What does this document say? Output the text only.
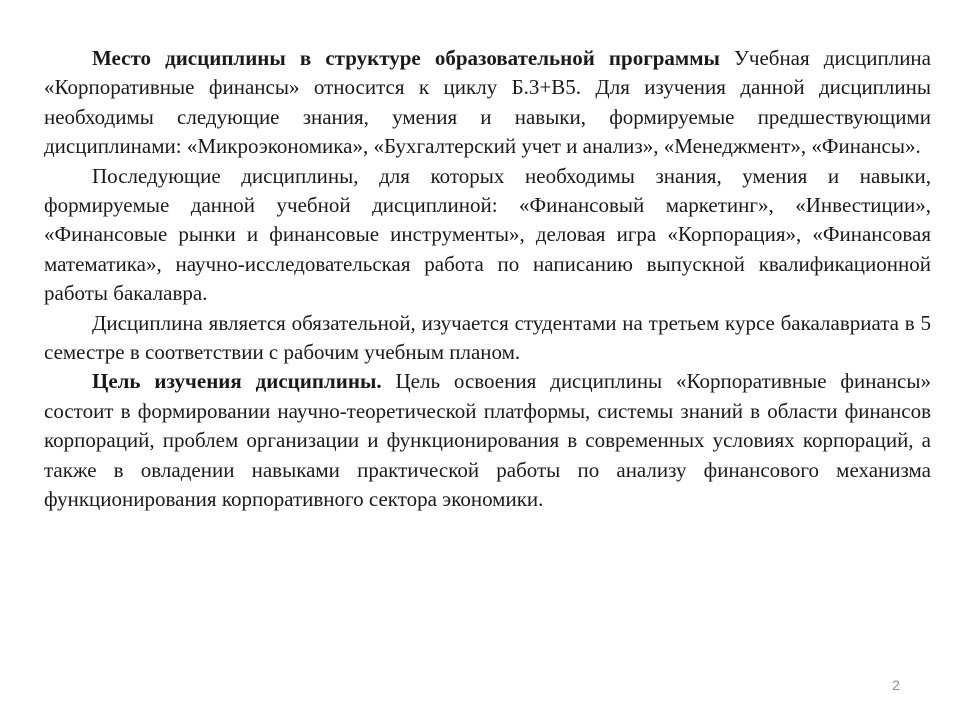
Место дисциплины в структуре образовательной программы Учебная дисциплина «Корпоративные финансы» относится к циклу Б.3+В5. Для изучения данной дисциплины необходимы следующие знания, умения и навыки, формируемые предшествующими дисциплинами: «Микроэкономика», «Бухгалтерский учет и анализ», «Менеджмент», «Финансы».

Последующие дисциплины, для которых необходимы знания, умения и навыки, формируемые данной учебной дисциплиной: «Финансовый маркетинг», «Инвестиции», «Финансовые рынки и финансовые инструменты», деловая игра «Корпорация», «Финансовая математика», научно-исследовательская работа по написанию выпускной квалификационной работы бакалавра.

Дисциплина является обязательной, изучается студентами на третьем курсе бакалавриата в 5 семестре в соответствии с рабочим учебным планом.

Цель изучения дисциплины. Цель освоения дисциплины «Корпоративные финансы» состоит в формировании научно-теоретической платформы, системы знаний в области финансов корпораций, проблем организации и функционирования в современных условиях корпораций, а также в овладении навыками практической работы по анализу финансового механизма функционирования корпоративного сектора экономики.

2
